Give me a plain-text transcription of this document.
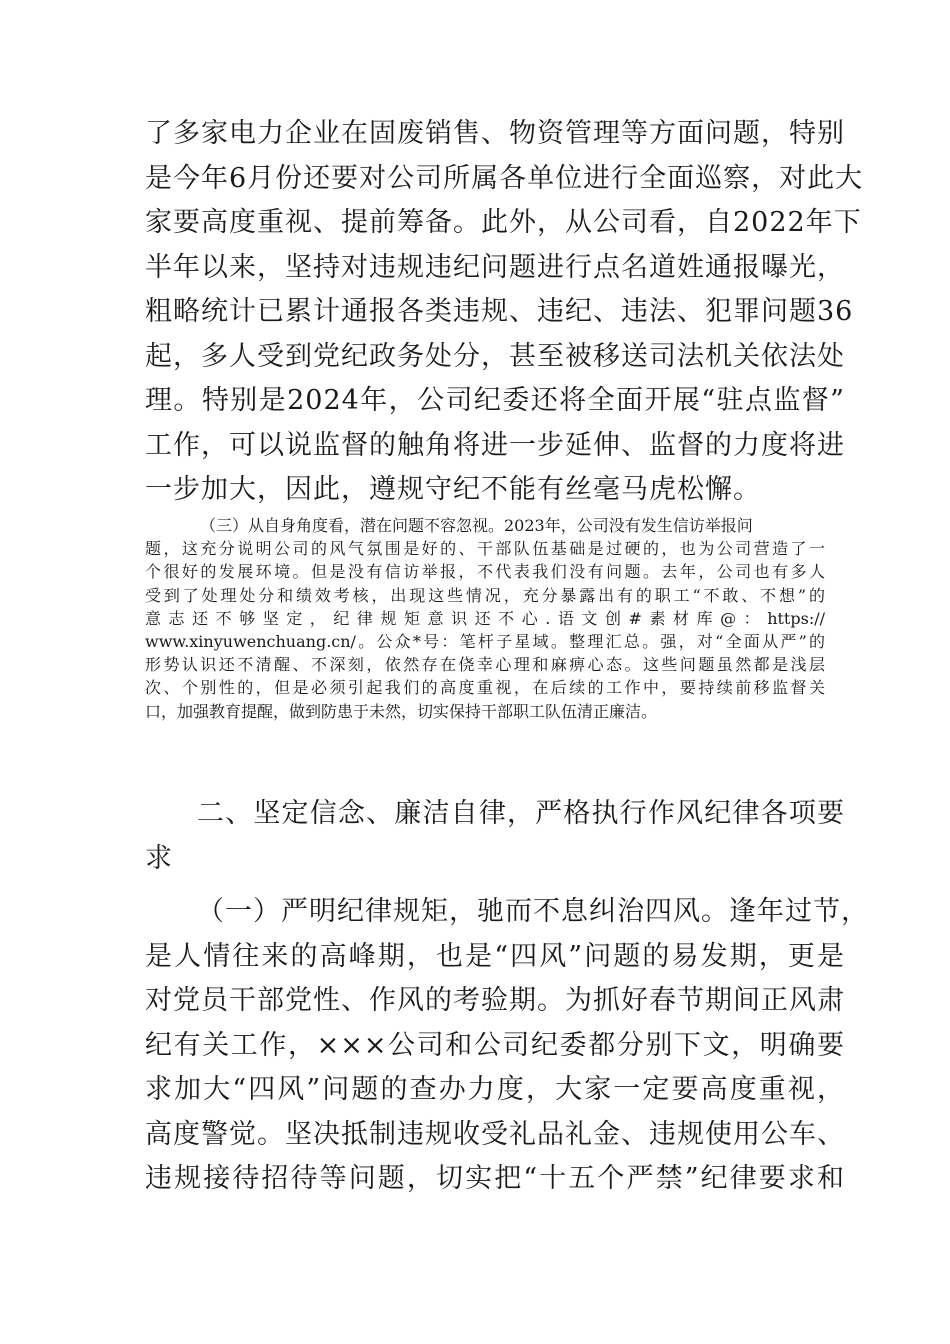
了多家电力企业在固废销售、物资管理等方面问题，特别
是今年6月份还要对公司所属各单位进行全面巡察，对此大
家要高度重视、提前筹备。此外，从公司看，自2022年下
半年以来，坚持对违规违纪问题进行点名道姓通报曝光，
粗略统计已累计通报各类违规、违纪、违法、犯罪问题36
起，多人受到党纪政务处分，甚至被移送司法机关依法处
理。特别是2024年，公司纪委还将全面开展“驻点监督”
工作，可以说监督的触角将进一步延伸、监督的力度将进
一步加大，因此，遵规守纪不能有丝毫马虎松懈。
（三）从自身角度看，潜在问题不容忽视。2023年，公司没有发生信访举报问
题，这充分说明公司的风气氛围是好的、干部队伍基础是过硬的，也为公司营造了一
个很好的发展环境。但是没有信访举报，不代表我们没有问题。去年，公司也有多人
受到了处理处分和绩效考核，出现这些情况，充分暴露出有的职工“不敢、不想”的
意志还不够坚定，纪律规矩意识还不心.语文创#素材库@：https://
www.xinyuwenchuang.cn/。公众*号：笔杆子星域。整理汇总。强，对“全面从严”的
形势认识还不清醒、不深刻，依然存在侥幸心理和麻痹心态。这些问题虽然都是浅层
次、个别性的，但是必须引起我们的高度重视，在后续的工作中，要持续前移监督关
口，加强教育提醒，做到防患于未然，切实保持干部职工队伍清正廉洁。
二、坚定信念、廉洁自律，严格执行作风纪律各项要
求
（一）严明纪律规矩，驰而不息纠治四风。逢年过节，
是人情往来的高峰期，也是“四风”问题的易发期，更是
对党员干部党性、作风的考验期。为抓好春节期间正风肃
纪有关工作，×××公司和公司纪委都分别下文，明确要
求加大“四风”问题的查办力度，大家一定要高度重视，
高度警觉。坚决抵制违规收受礼品礼金、违规使用公车、
违规接待招待等问题，切实把“十五个严禁”纪律要求和
